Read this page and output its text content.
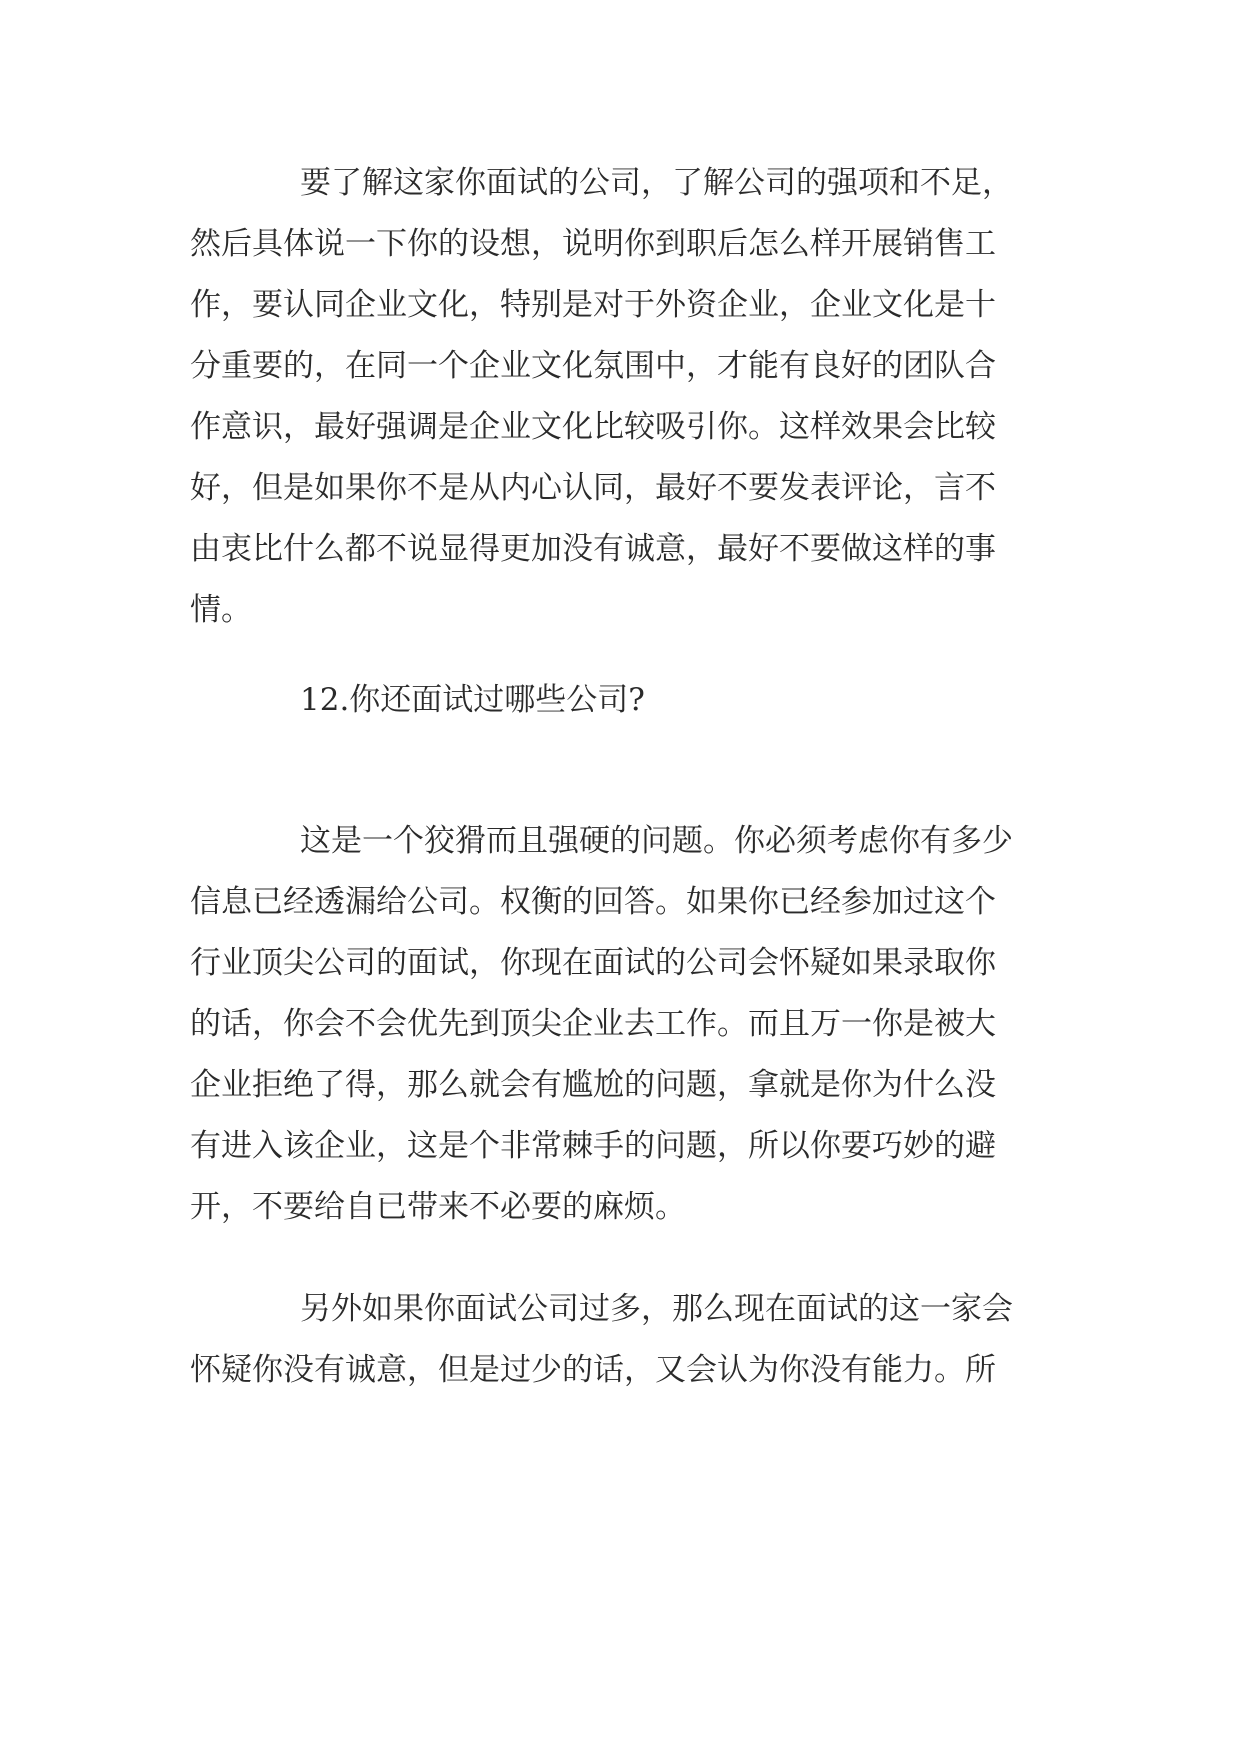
要了解这家你面试的公司，了解公司的强项和不足，
然后具体说一下你的设想，说明你到职后怎么样开展销售工
作，要认同企业文化，特别是对于外资企业，企业文化是十
分重要的，在同一个企业文化氛围中，才能有良好的团队合
作意识，最好强调是企业文化比较吸引你。这样效果会比较
好，但是如果你不是从内心认同，最好不要发表评论，言不
由衷比什么都不说显得更加没有诚意，最好不要做这样的事
情。
12.你还面试过哪些公司?
这是一个狡猾而且强硬的问题。你必须考虑你有多少
信息已经透漏给公司。权衡的回答。如果你已经参加过这个
行业顶尖公司的面试，你现在面试的公司会怀疑如果录取你
的话，你会不会优先到顶尖企业去工作。而且万一你是被大
企业拒绝了得，那么就会有尴尬的问题，拿就是你为什么没
有进入该企业，这是个非常棘手的问题，所以你要巧妙的避
开，不要给自已带来不必要的麻烦。
另外如果你面试公司过多，那么现在面试的这一家会
怀疑你没有诚意，但是过少的话，又会认为你没有能力。所
